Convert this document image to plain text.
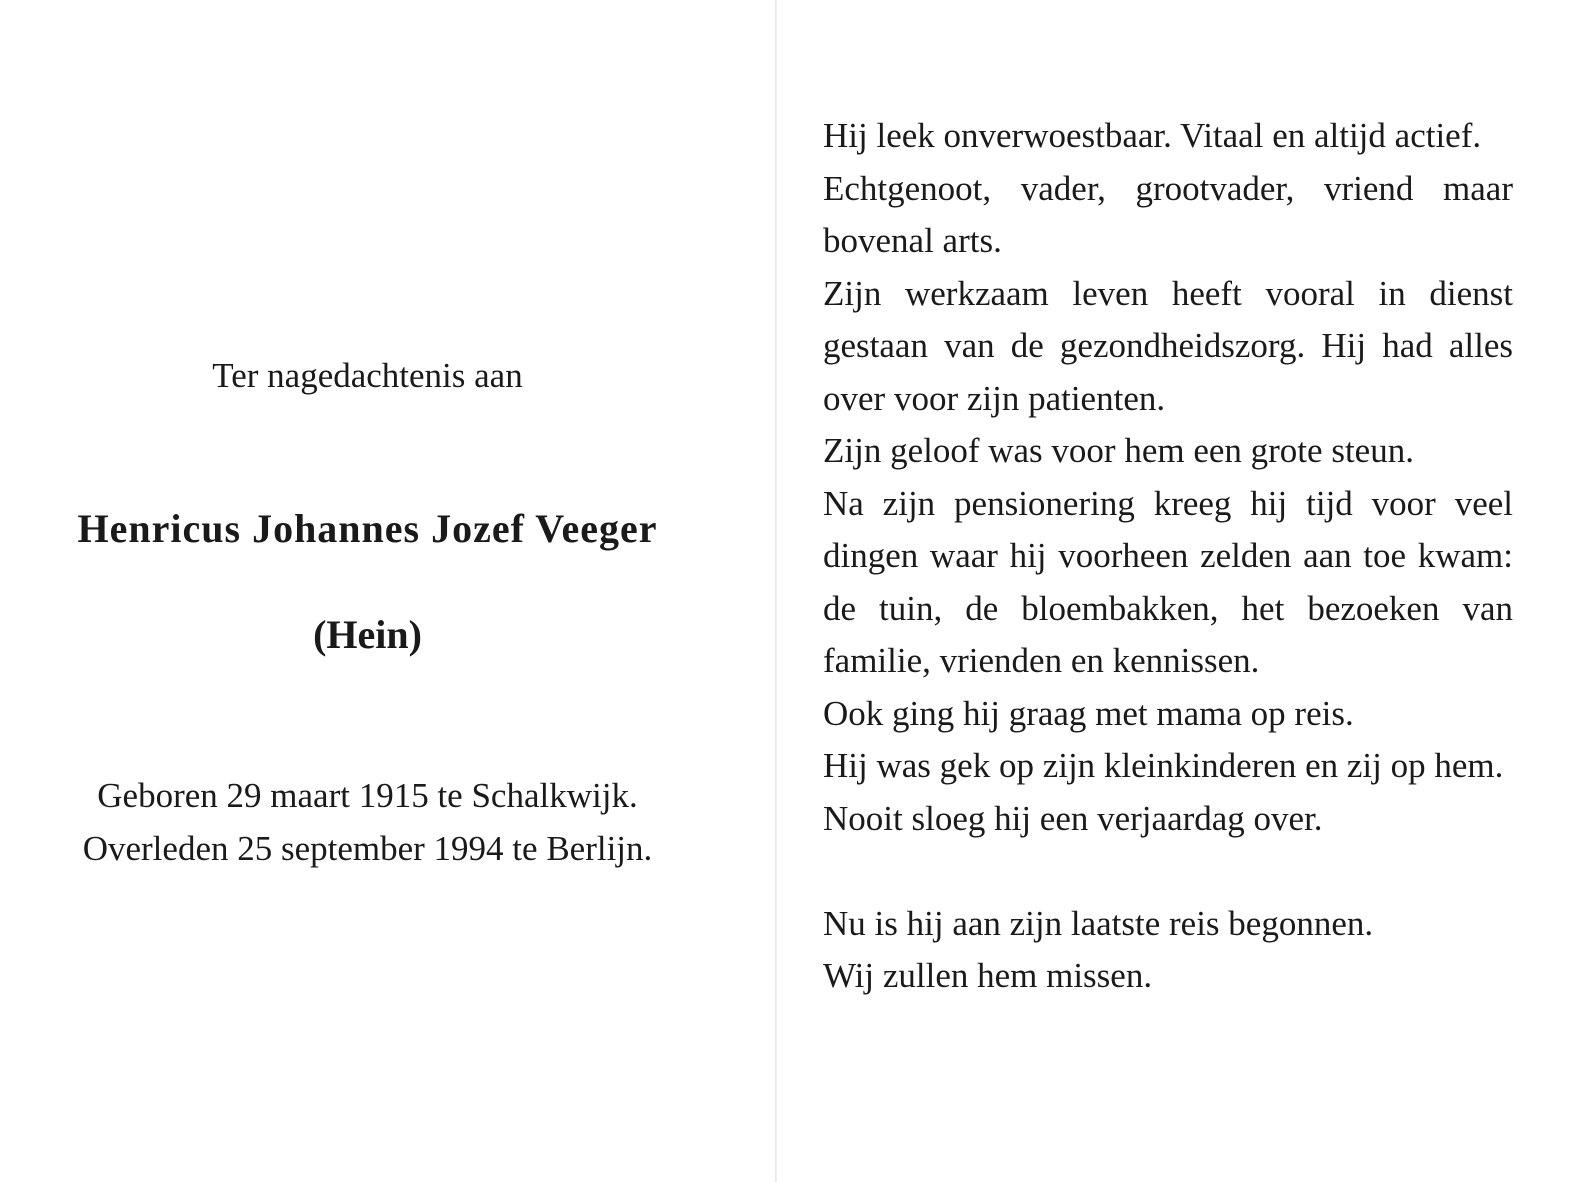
Ter nagedachtenis aan
Henricus Johannes Jozef Veeger
(Hein)
Geboren 29 maart 1915 te Schalkwijk.
Overleden 25 september 1994 te Berlijn.
Hij leek onverwoestbaar. Vitaal en altijd actief.
Echtgenoot, vader, grootvader, vriend maar bovenal arts.
Zijn werkzaam leven heeft vooral in dienst gestaan van de gezondheidszorg. Hij had alles over voor zijn patienten.
Zijn geloof was voor hem een grote steun.
Na zijn pensionering kreeg hij tijd voor veel dingen waar hij voorheen zelden aan toe kwam: de tuin, de bloembakken, het bezoeken van familie, vrienden en kennissen.
Ook ging hij graag met mama op reis.
Hij was gek op zijn kleinkinderen en zij op hem.
Nooit sloeg hij een verjaardag over.
Nu is hij aan zijn laatste reis begonnen.
Wij zullen hem missen.
